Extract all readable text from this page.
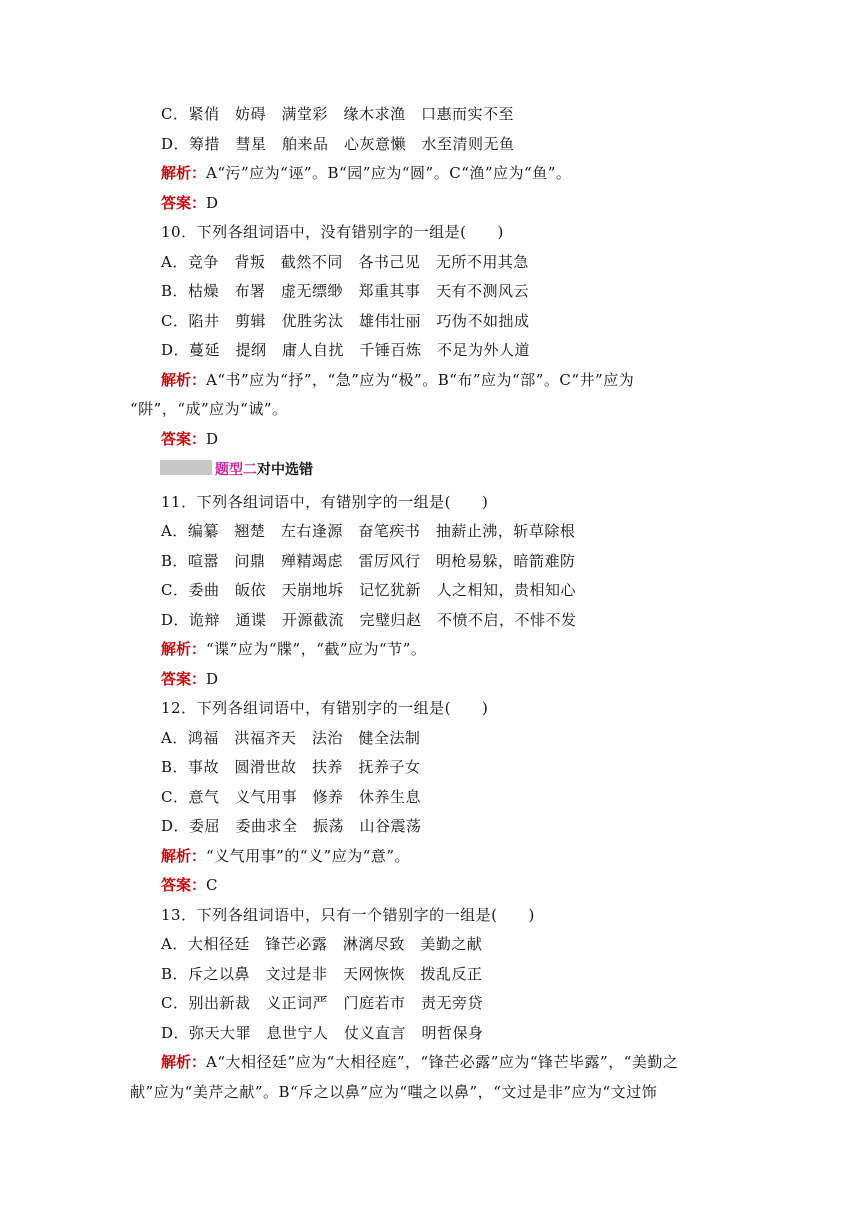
C．紧俏　妨碍　满堂彩　缘木求渔　口惠而实不至
D．筹措　彗星　舶来品　心灰意懒　水至清则无鱼
解析：A“污”应为“诬”。B“园”应为“圆”。C“渔”应为“鱼”。
答案：D
10．下列各组词语中，没有错别字的一组是(　　)
A．竞争　背叛　截然不同　各书己见　无所不用其急
B．枯燥　布署　虚无缥缈　郑重其事　天有不测风云
C．陷井　剪辑　优胜劣汰　雄伟壮丽　巧伪不如拙成
D．蔓延　提纲　庸人自扰　千锤百炼　不足为外人道
解析：A“书”应为“抒”，“急”应为“极”。B“布”应为“部”。C“井”应为
“阱”，“成”应为“诚”。
答案：D
题型二对中选错
11．下列各组词语中，有错别字的一组是(　　)
A．编纂　翘楚　左右逢源　奋笔疾书　抽薪止沸，斩草除根
B．喧嚣　问鼎　殚精竭虑　雷厉风行　明枪易躲，暗箭难防
C．委曲　皈依　天崩地坼　记忆犹新　人之相知，贵相知心
D．诡辩　通谍　开源截流　完璧归赵　不愤不启，不悱不发
解析：“谍”应为“牒”，“截”应为“节”。
答案：D
12．下列各组词语中，有错别字的一组是(　　)
A．鸿福　洪福齐天　法治　健全法制
B．事故　圆滑世故　扶养　抚养子女
C．意气　义气用事　修养　休养生息
D．委屈　委曲求全　振荡　山谷震荡
解析：“义气用事”的“义”应为“意”。
答案：C
13．下列各组词语中，只有一个错别字的一组是(　　)
A．大相径廷　锋芒必露　淋漓尽致　美勤之献
B．斥之以鼻　文过是非　天网恢恢　拨乱反正
C．别出新裁　义正词严　门庭若市　责无旁贷
D．弥天大罪　息世宁人　仗义直言　明哲保身
解析：A“大相径廷”应为“大相径庭”，“锋芒必露”应为“锋芒毕露”，“美勤之
献”应为“美芹之献”。B“斥之以鼻”应为“嗤之以鼻”，“文过是非”应为“文过饰
